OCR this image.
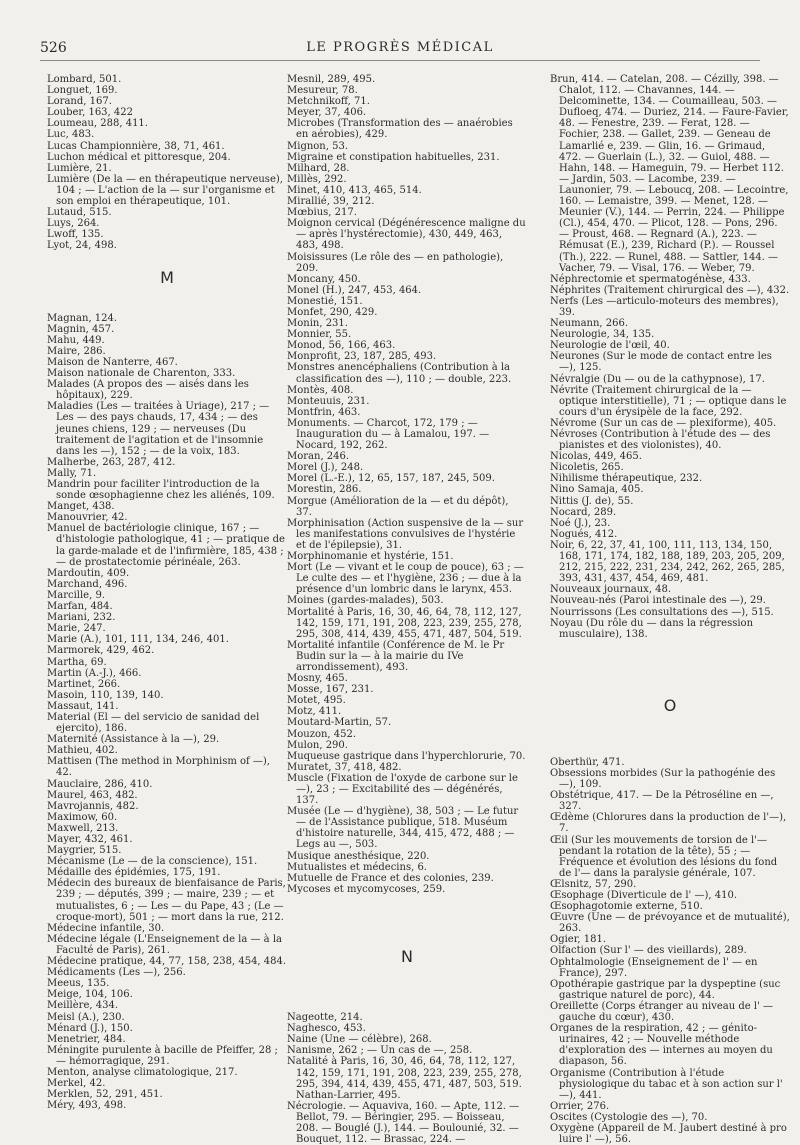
526	LE PROGRÈS MÉDICAL

Lombard, 501.

Longuet, 169.

Lorand, 167.

Louber, 163, 422

Loumeau, 288, 411.

Luc, 483.

Lucas Championnière, 38, 71, 461.

Luchon médical et pittoresque, 204.

Lumière, 21.

Lumière (De la — en thérapeutique nerveuse), 104 ; — L'action de la — sur l'organisme et son emploi en thérapeutique, 101.

Lutaud, 515.

Luys, 264.

Lwoff, 135.

Lyot, 24, 498.

M

Magnan, 124.

Magnin, 457.

Mahu, 449.

Maire, 286.

Maison de Nanterre, 467.

Maison nationale de Charenton, 333.

Malades (A propos des — aisés dans les hôpitaux), 229.

Maladies (Les — traitées à Uriage), 217 ; — Les — des pays chauds, 17, 434 ; — des jeunes chiens, 129 ; — nerveuses (Du traitement de l'agitation et de l'insomnie dans les —), 152 ; — de la voix, 183.

Malherbe, 263, 287, 412.

Mally, 71.

Mandrin pour faciliter l'introduction de la sonde œsophagienne chez les aliénés, 109.

Manget, 438.

Manouvrier, 42.

Manuel de bactériologie clinique, 167 ; — d'histologie pathologique, 41 ; — pratique de la garde-malade et de l'infirmière, 185, 438 ; — de prostatectomie périnéale, 263.

Mardoutin, 409.

Marchand, 496.

Marcille, 9.

Marfan, 484.

Mariani, 232.

Marie, 247.

Marie (A.), 101, 111, 134, 246, 401.

Marmorek, 429, 462.

Martha, 69.

Martin (A.-J.), 466.

Martinet, 266.

Masoin, 110, 139, 140.

Massaut, 141.

Material (El — del servicio de sanidad del ejercito), 186.

Maternité (Assistance à la —), 29.

Mathieu, 402.

Mattisen (The method in Morphinism of —), 42.

Mauclaire, 286, 410.

Maurel, 463, 482.

Mavrojannis, 482.

Maximow, 60.

Maxwell, 213.

Mayer, 432, 461.

Maygrier, 515.

Mécanisme (Le — de la conscience), 151.

Médaille des épidémies, 175, 191.

Médecin des bureaux de bienfaisance de Paris, 239 ; — députés, 399 ; — maire, 239 ; — et mutualistes, 6 ; — Les — du Pape, 43 ; (Le — croque-mort), 501 ; — mort dans la rue, 212.

Médecine infantile, 30.

Médecine légale (L'Enseignement de la — à la Faculté de Paris), 261.

Médecine pratique, 44, 77, 158, 238, 454, 484.

Médicaments (Les —), 256.

Meeus, 135.

Meige, 104, 106.

Meillère, 434.

Meisl (A.), 230.

Ménard (J.), 150.

Menetrier, 484.

Méningite purulente à bacille de Pfeiffer, 28 ; — hémorragique, 291.

Menton, analyse climatologique, 217.

Merkel, 42.

Merklen, 52, 291, 451.

Méry, 493, 498.

Mesnil, 289, 495.

Mesureur, 78.

Metchnikoff, 71.

Meyer, 37, 406.

Microbes (Transformation des — anaérobies en aérobies), 429.

Mignon, 53.

Migraine et constipation habituelles, 231.

Milhard, 28.

Millès, 292.

Minet, 410, 413, 465, 514.

Mirallié, 39, 212.

Mœbius, 217.

Moignon cervical (Dégénérescence maligne du — après l'hystérectomie), 430, 449, 463, 483, 498.

Moisissures (Le rôle des — en pathologie), 209.

Moncany, 450.

Monel (H.), 247, 453, 464.

Monestié, 151.

Monfet, 290, 429.

Monin, 231.

Monnier, 55.

Monod, 56, 166, 463.

Monprofit, 23, 187, 285, 493.

Monstres anencéphaliens (Contribution à la classification des —), 110 ; — double, 223.

Montès, 408.

Monteuuis, 231.

Montfrin, 463.

Monuments. — Charcot, 172, 179 ; — Inauguration du — à Lamalou, 197. — Nocard, 192, 262.

Moran, 246.

Morel (J.), 248.

Morel (L.-E.), 12, 65, 157, 187, 245, 509.

Morestin, 286.

Morgue (Amélioration de la — et du dépôt), 37.

Morphinisation (Action suspensive de la — sur les manifestations convulsives de l'hystérie et de l'épilepsie), 31.

Morphinomanie et hystérie, 151.

Mort (Le — vivant et le coup de pouce), 63 ; — Le culte des — et l'hygiène, 236 ; — due à la présence d'un lombric dans le larynx, 453.

Moines (gardes-malades), 503.

Mortalité à Paris, 16, 30, 46, 64, 78, 112, 127, 142, 159, 171, 191, 208, 223, 239, 255, 278, 295, 308, 414, 439, 455, 471, 487, 504, 519.

Mortalité infantile (Conférence de M. le Pr Budin sur la — à la mairie du IVe arrondissement), 493.

Mosny, 465.

Mosse, 167, 231.

Motet, 495.

Motz, 411.

Moutard-Martin, 57.

Mouzon, 452.

Mulon, 290.

Muqueuse gastrique dans l'hyperchlorurie, 70.

Muratet, 37, 418, 482.

Muscle (Fixation de l'oxyde de carbone sur le —), 23 ; — Excitabilité des — dégénérés, 137.

Musée (Le — d'hygiène), 38, 503 ; — Le futur — de l'Assistance publique, 518. Muséum d'histoire naturelle, 344, 415, 472, 488 ; — Legs au —, 503.

Musique anesthésique, 220.

Mutualistes et médecins, 6.

Mutuelle de France et des colonies, 239.

Mycoses et mycomycoses, 259.

N

Nagеotte, 214.

Naghesco, 453.

Naine (Une — célèbre), 268.

Nanisme, 262 ; — Un cas de —, 258.

Natalité à Paris, 16, 30, 46, 64, 78, 112, 127, 142, 159, 171, 191, 208, 223, 239, 255, 278, 295, 394, 414, 439, 455, 471, 487, 503, 519. Nathan-Larrier, 495.

Nécrologie. — Aquaviva, 160. — Apte, 112. — Bellot, 79. — Béringier, 295. — Boisseau, 208. — Bouglé (J.), 144. — Boulounié, 32. — Bouquet, 112. — Brassac, 224. —

Brun, 414. — Catelan, 208. — Cézilly, 398. — Chalot, 112. — Chavannes, 144. — Delcominette, 134. — Coumailleau, 503. — Dufloeq, 474. — Duriez, 214. — Faure-Favier, 48. — Fenestre, 239. — Ferat, 128. — Fochier, 238. — Gallet, 239. — Geneau de Lamarlié e, 239. — Glin, 16. — Grimaud, 472. — Guerlain (L.), 32. — Guiol, 488. — Hahn, 148. — Hameguin, 79. — Herbet 112. — Jardin, 503. — Lacombe, 239. — Launonier, 79. — Leboucq, 208. — Lecointre, 160. — Lemaistre, 399. — Menet, 128. — Meunier (V.), 144. — Perrin, 224. — Philippe (Cl.), 454, 470. — Plicot, 128. — Pons, 296. — Proust, 468. — Regnard (A.), 223. — Rémusat (E.), 239, Richard (P.). — Roussel (Th.), 222. — Runel, 488. — Sattler, 144. — Vacher, 79. — Visal, 176. — Weber, 79.

Néphrectomie et spermatogénèse, 433.

Néphrites (Traitement chirurgical des —), 432.

Nerfs (Les —articulo-moteurs des membres), 39.

Neumann, 266.

Neurologie, 34, 135.

Neurologie de l'œil, 40.

Neurones (Sur le mode de contact entre les —), 125.

Névralgie (Du — ou de la cathypnose), 17.

Névrite (Traitement chirurgical de la — optique interstitielle), 71 ; — optique dans le cours d'un érysipèle de la face, 292.

Névrome (Sur un cas de — plexiforme), 405.

Névroses (Contribution à l'étude des — des pianistes et des violonistes), 40.

Nicolas, 449, 465.

Nicoletis, 265.

Nihilisme thérapeutique, 232.

Nino Samaja, 405.

Nittis (J. de), 55.

Nocard, 289.

Noé (J.), 23.

Nogués, 412.

Noir, 6, 22, 37, 41, 100, 111, 113, 134, 150, 168, 171, 174, 182, 188, 189, 203, 205, 209, 212, 215, 222, 231, 234, 242, 262, 265, 285, 393, 431, 437, 454, 469, 481.

Nouveaux journaux, 48.

Nouveau-nés (Paroi intestinale des —), 29.

Nourrissons (Les consultations des —), 515.

Noyau (Du rôle du — dans la régression musculaire), 138.

O

Oberthür, 471.

Obsessions morbides (Sur la pathogénie des —), 109.

Obstétrique, 417. — De la Pétroséline en —, 327.

Œdème (Chlorures dans la production de l'—), 7.

Œil (Sur les mouvements de torsion de l'— pendant la rotation de la tête), 55 ; — Fréquence et évolution des lésions du fond de l'— dans la paralysie générale, 107.

Œlsnitz, 57, 290.

Œsophage (Diverticule de l' —), 410.

Œsophagotomie externe, 510.

Œuvre (Une — de prévoyance et de mutualité), 263.

Ogier, 181.

Olfaction (Sur l' — des vieillards), 289.

Ophtalmologie (Enseignement de l' — en France), 297.

Opothérapie gastrique par la dyspeptine (suc gastrique naturel de porc), 44.

Oreillette (Corps étranger au niveau de l' — gauche du cœur), 430.

Organes de la respiration, 42 ; — génito-urinaires, 42 ; — Nouvelle méthode d'exploration des — internes au moyen du diapason, 56.

Organisme (Contribution à l'étude physiologique du tabac et à son action sur l' —), 441.

Orrier, 276.

Oscites (Cystologie des —), 70.

Oxygène (Appareil de M. Jaubert destiné à pro luire l' —), 56.
